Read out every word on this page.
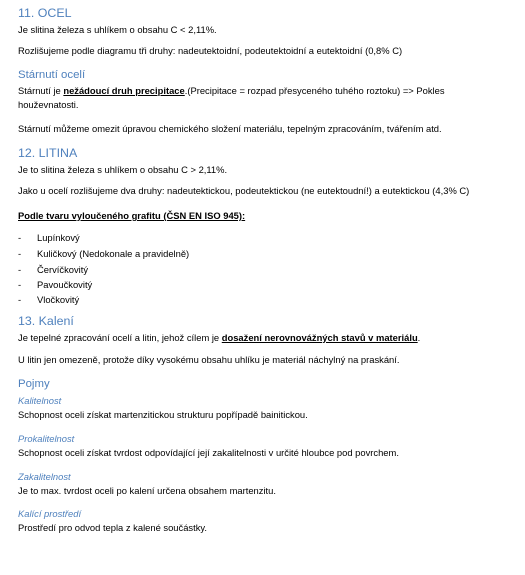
11. OCEL
Je slitina železa s uhlíkem o obsahu C < 2,11%.
Rozlišujeme podle diagramu tři druhy: nadeutektoidní, podeutektoidní a eutektoidní (0,8% C)
Stárnutí ocelí
Stárnutí je nežádoucí druh precipitace.(Precipitace = rozpad přesyceného tuhého roztoku) => Pokles
houževnatosti.
Stárnutí můžeme omezit úpravou chemického složení materiálu, tepelným zpracováním, tvářením atd.
12. LITINA
Je to slitina železa s uhlíkem o obsahu C > 2,11%.
Jako u ocelí rozlišujeme dva druhy: nadeutektickou, podeutektickou (ne eutektoudní!) a eutektickou (4,3% C)
Podle tvaru vyloučeného grafitu (ČSN EN ISO 945):
- Lupínkový
- Kuličkový (Nedokonale a pravidelně)
- Červíčkovitý
- Pavoučkovitý
- Vločkovitý
13. Kalení
Je tepelné zpracování ocelí a litin, jehož cílem je dosažení nerovnovážných stavů v materiálu.
U litin jen omezeně, protože díky vysokému obsahu uhlíku je materiál náchylný na praskání.
Pojmy
Kalitelnost
Schopnost oceli získat martenzitickou strukturu popřípadě bainitickou.
Prokalitelnost
Schopnost oceli získat tvrdost odpovídající její zakalitelnosti v určité hloubce pod povrchem.
Zakalitelnost
Je to max. tvrdost oceli po kalení určena obsahem martenzitu.
Kalící prostředí
Prostředí pro odvod tepla z kalené součástky.
